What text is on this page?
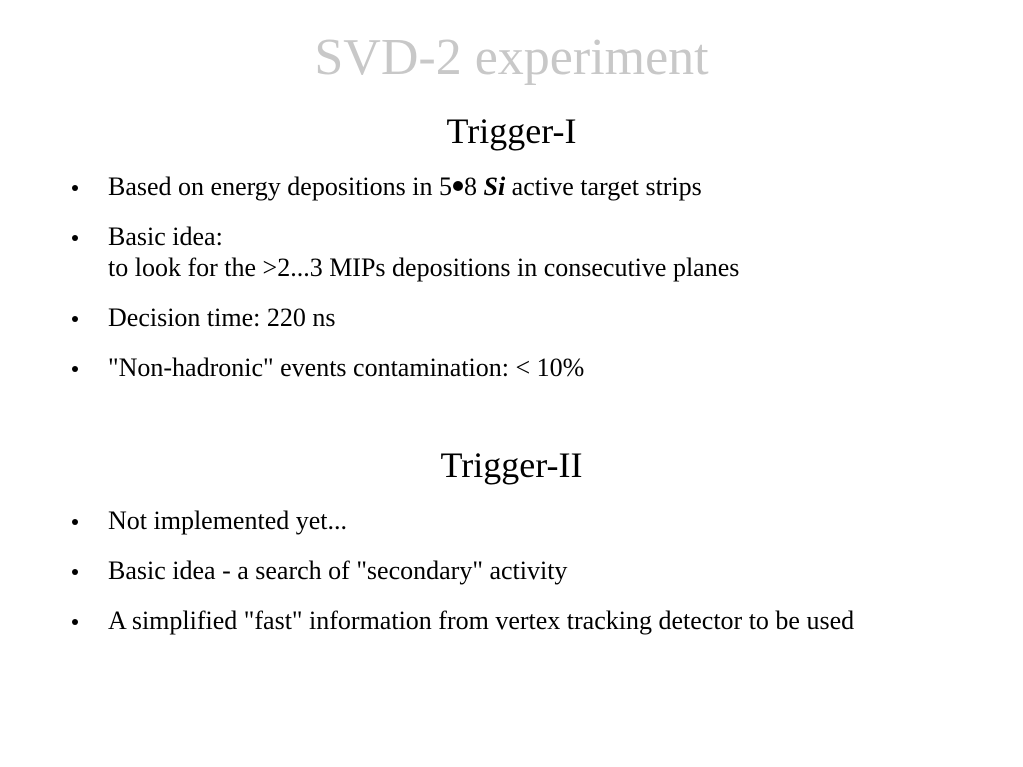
SVD-2 experiment
Trigger-I
Based on energy depositions in 5 8 Si active target strips
Basic idea:
to look for the >2...3 MIPs depositions in consecutive planes
Decision time: 220 ns
"Non-hadronic" events contamination: < 10%
Trigger-II
Not implemented yet...
Basic idea - a search of "secondary" activity
A simplified "fast" information from vertex tracking detector to be used
